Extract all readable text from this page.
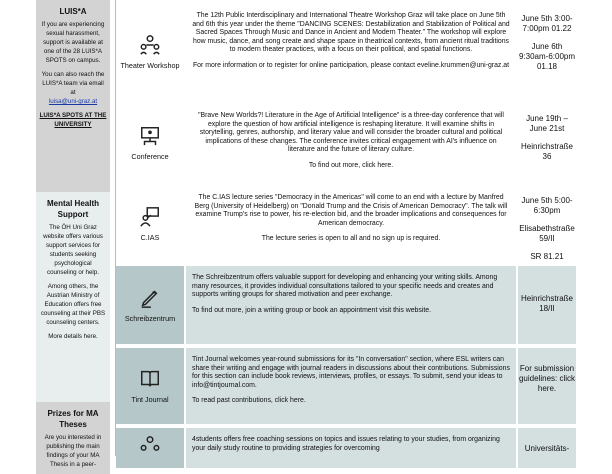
LUIS*A

If you are experiencing sexual harassment, support is available at one of the 28 LUIS*A SPOTS on campus.

You can also reach the LUIS*A team via email at
luisa@uni-graz.at

LUIS*A SPOTS AT THE UNIVERSITY

Mental Health Support

The ÖH Uni Graz website offers various support services for students seeking psychological counseling or help.

Among others, the Austrian Ministry of Education offers free counseling at their PBS counseling centers.

More details here.

Prizes for MA Theses

Are you interested in publishing the main findings of your MA Thesis in a peer-

Theater Workshop

The 12th Public Interdisciplinary and International Theatre Workshop Graz will take place on June 5th and 6th this year under the theme "DANCING SCENES: Destabilization and Stabilization of Political and Sacred Spaces Through Music and Dance in Ancient and Modern Theater." The workshop will explore how music, dance, and song create and shape space in theatrical contexts, from ancient ritual traditions to modern theater practices, with a focus on their political, and spatial functions.

For more information or to register for online participation, please contact eveline.krummen@uni-graz.at

June 5th 3:00-7:00pm 01.22

June 6th 9:30am-6:00pm 01.18

Conference

"Brave New Worlds?! Literature in the Age of Artificial Intelligence" is a three-day conference that will explore the question of how artificial intelligence is reshaping literature. It will examine shifts in storytelling, genres, authorship, and literary value and will consider the broader cultural and political implications of these changes. The conference invites critical engagement with AI's influence on literature and the future of literary culture.

To find out more, click here.

June 19th – June 21st

Heinrichstraße 36

C.IAS

The C.IAS lecture series "Democracy in the Americas" will come to an end with a lecture by Manfred Berg (University of Heidelberg) on "Donald Trump and the Crisis of American Democracy". The talk will examine Trump's rise to power, his re-election bid, and the broader implications and consequences for American democracy.

The lecture series is open to all and no sign up is required.

June 5th 5:00-6:30pm

Elisabethstraße 59/II

SR 81.21

Schreibzentrum

The Schreibzentrum offers valuable support for developing and enhancing your writing skills. Among many resources, it provides individual consultations tailored to your specific needs and creates and supports writing groups for shared motivation and peer exchange.

To find out more, join a writing group or book an appointment visit this website.

Heinrichstraße 18/II

Tint Journal

Tint Journal welcomes year-round submissions for its "In conversation" section, where ESL writers can share their writing and engage with journal readers in discussions about their contributions. Submissions for this section can include book reviews, interviews, profiles, or essays. To submit, send your ideas to info@tintjournal.com.

To read past contributions, click here.

For submission guidelines: click here.

4students offers free coaching sessions on topics and issues relating to your studies, from organizing your daily study routine to providing strategies for overcoming	Universitäts-
